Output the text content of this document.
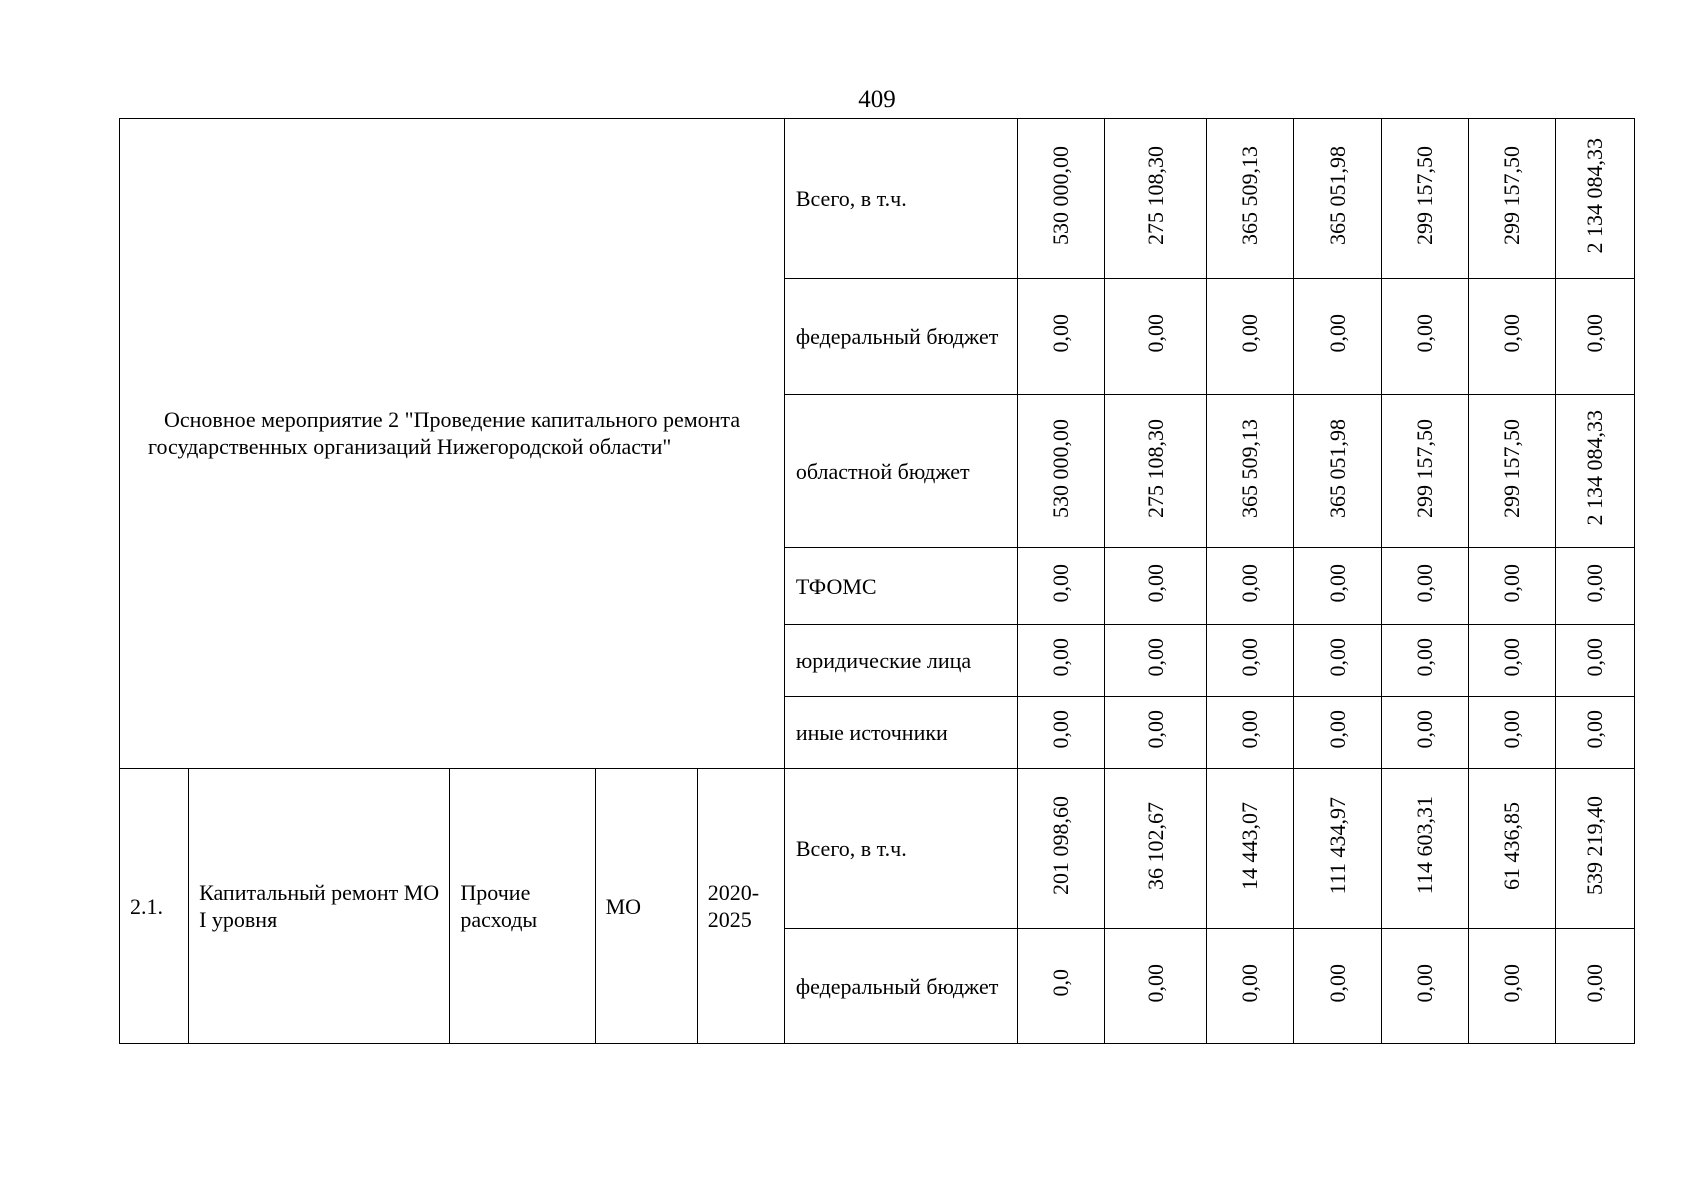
409
Основное мероприятие 2 "Проведение капитального ремонта государственных организаций Нижегородской области"					Всего, в т.ч.	530 000,00	275 108,30	365 509,13	365 051,98	299 157,50	299 157,50	2 134 084,33
					федеральный бюджет	0,00	0,00	0,00	0,00	0,00	0,00	0,00
					областной бюджет	530 000,00	275 108,30	365 509,13	365 051,98	299 157,50	299 157,50	2 134 084,33
					ТФОМС	0,00	0,00	0,00	0,00	0,00	0,00	0,00
					юридические лица	0,00	0,00	0,00	0,00	0,00	0,00	0,00
					иные источники	0,00	0,00	0,00	0,00	0,00	0,00	0,00
2.1.	Капитальный ремонт МО I уровня	Прочие расходы	МО	2020-2025	Всего, в т.ч.	201 098,60	36 102,67	14 443,07	111 434,97	114 603,31	61 436,85	539 219,40
					федеральный бюджет	0,0	0,00	0,00	0,00	0,00	0,00	0,00
